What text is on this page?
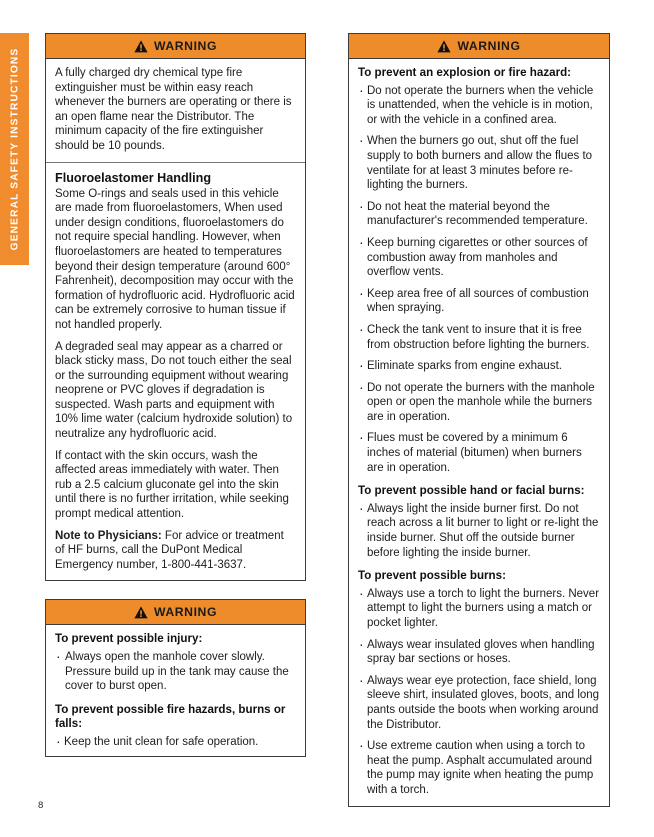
GENERAL SAFETY INSTRUCTIONS
WARNING

A fully charged dry chemical type fire extinguisher must be within easy reach whenever the burners are operating or there is an open flame near the Distributor. The minimum capacity of the fire extinguisher should be 10 pounds.

Fluoroelastomer Handling

Some O-rings and seals used in this vehicle are made from fluoroelastomers, When used under design conditions, fluoroelastomers do not require special handling. However, when fluoroelastomers are heated to temperatures beyond their design temperature (around 600° Fahrenheit), decomposition may occur with the formation of hydrofluoric acid. Hydrofluoric acid can be extremely corrosive to human tissue if not handled properly.

A degraded seal may appear as a charred or black sticky mass, Do not touch either the seal or the surrounding equipment without wearing neoprene or PVC gloves if degradation is suspected. Wash parts and equipment with 10% lime water (calcium hydroxide solution) to neutralize any hydrofluoric acid.

If contact with the skin occurs, wash the affected areas immediately with water. Then rub a 2.5 calcium gluconate gel into the skin until there is no further irritation, while seeking prompt medical attention.

Note to Physicians: For advice or treatment of HF burns, call the DuPont Medical Emergency number, 1-800-441-3637.

WARNING
To prevent possible injury:
· Always open the manhole cover slowly. Pressure build up in the tank may cause the cover to burst open.
To prevent possible fire hazards, burns or falls:
· Keep the unit clean for safe operation.
WARNING
To prevent an explosion or fire hazard:
· Do not operate the burners when the vehicle is unattended, when the vehicle is in motion, or with the vehicle in a confined area.
· When the burners go out, shut off the fuel supply to both burners and allow the flues to ventilate for at least 3 minutes before re-lighting the burners.
· Do not heat the material beyond the manufacturer's recommended temperature.
· Keep burning cigarettes or other sources of combustion away from manholes and overflow vents.
· Keep area free of all sources of combustion when spraying.
· Check the tank vent to insure that it is free from obstruction before lighting the burners.
· Eliminate sparks from engine exhaust.
· Do not operate the burners with the manhole open or open the manhole while the burners are in operation.
· Flues must be covered by a minimum 6 inches of material (bitumen) when burners are in operation.
To prevent possible hand or facial burns:
· Always light the inside burner first. Do not reach across a lit burner to light or re-light the inside burner. Shut off the outside burner before lighting the inside burner.
To prevent possible burns:
· Always use a torch to light the burners. Never attempt to light the burners using a match or pocket lighter.
· Always wear insulated gloves when handling spray bar sections or hoses.
· Always wear eye protection, face shield, long sleeve shirt, insulated gloves, boots, and long pants outside the boots when working around the Distributor.
· Use extreme caution when using a torch to heat the pump. Asphalt accumulated around the pump may ignite when heating the pump with a torch.
8
